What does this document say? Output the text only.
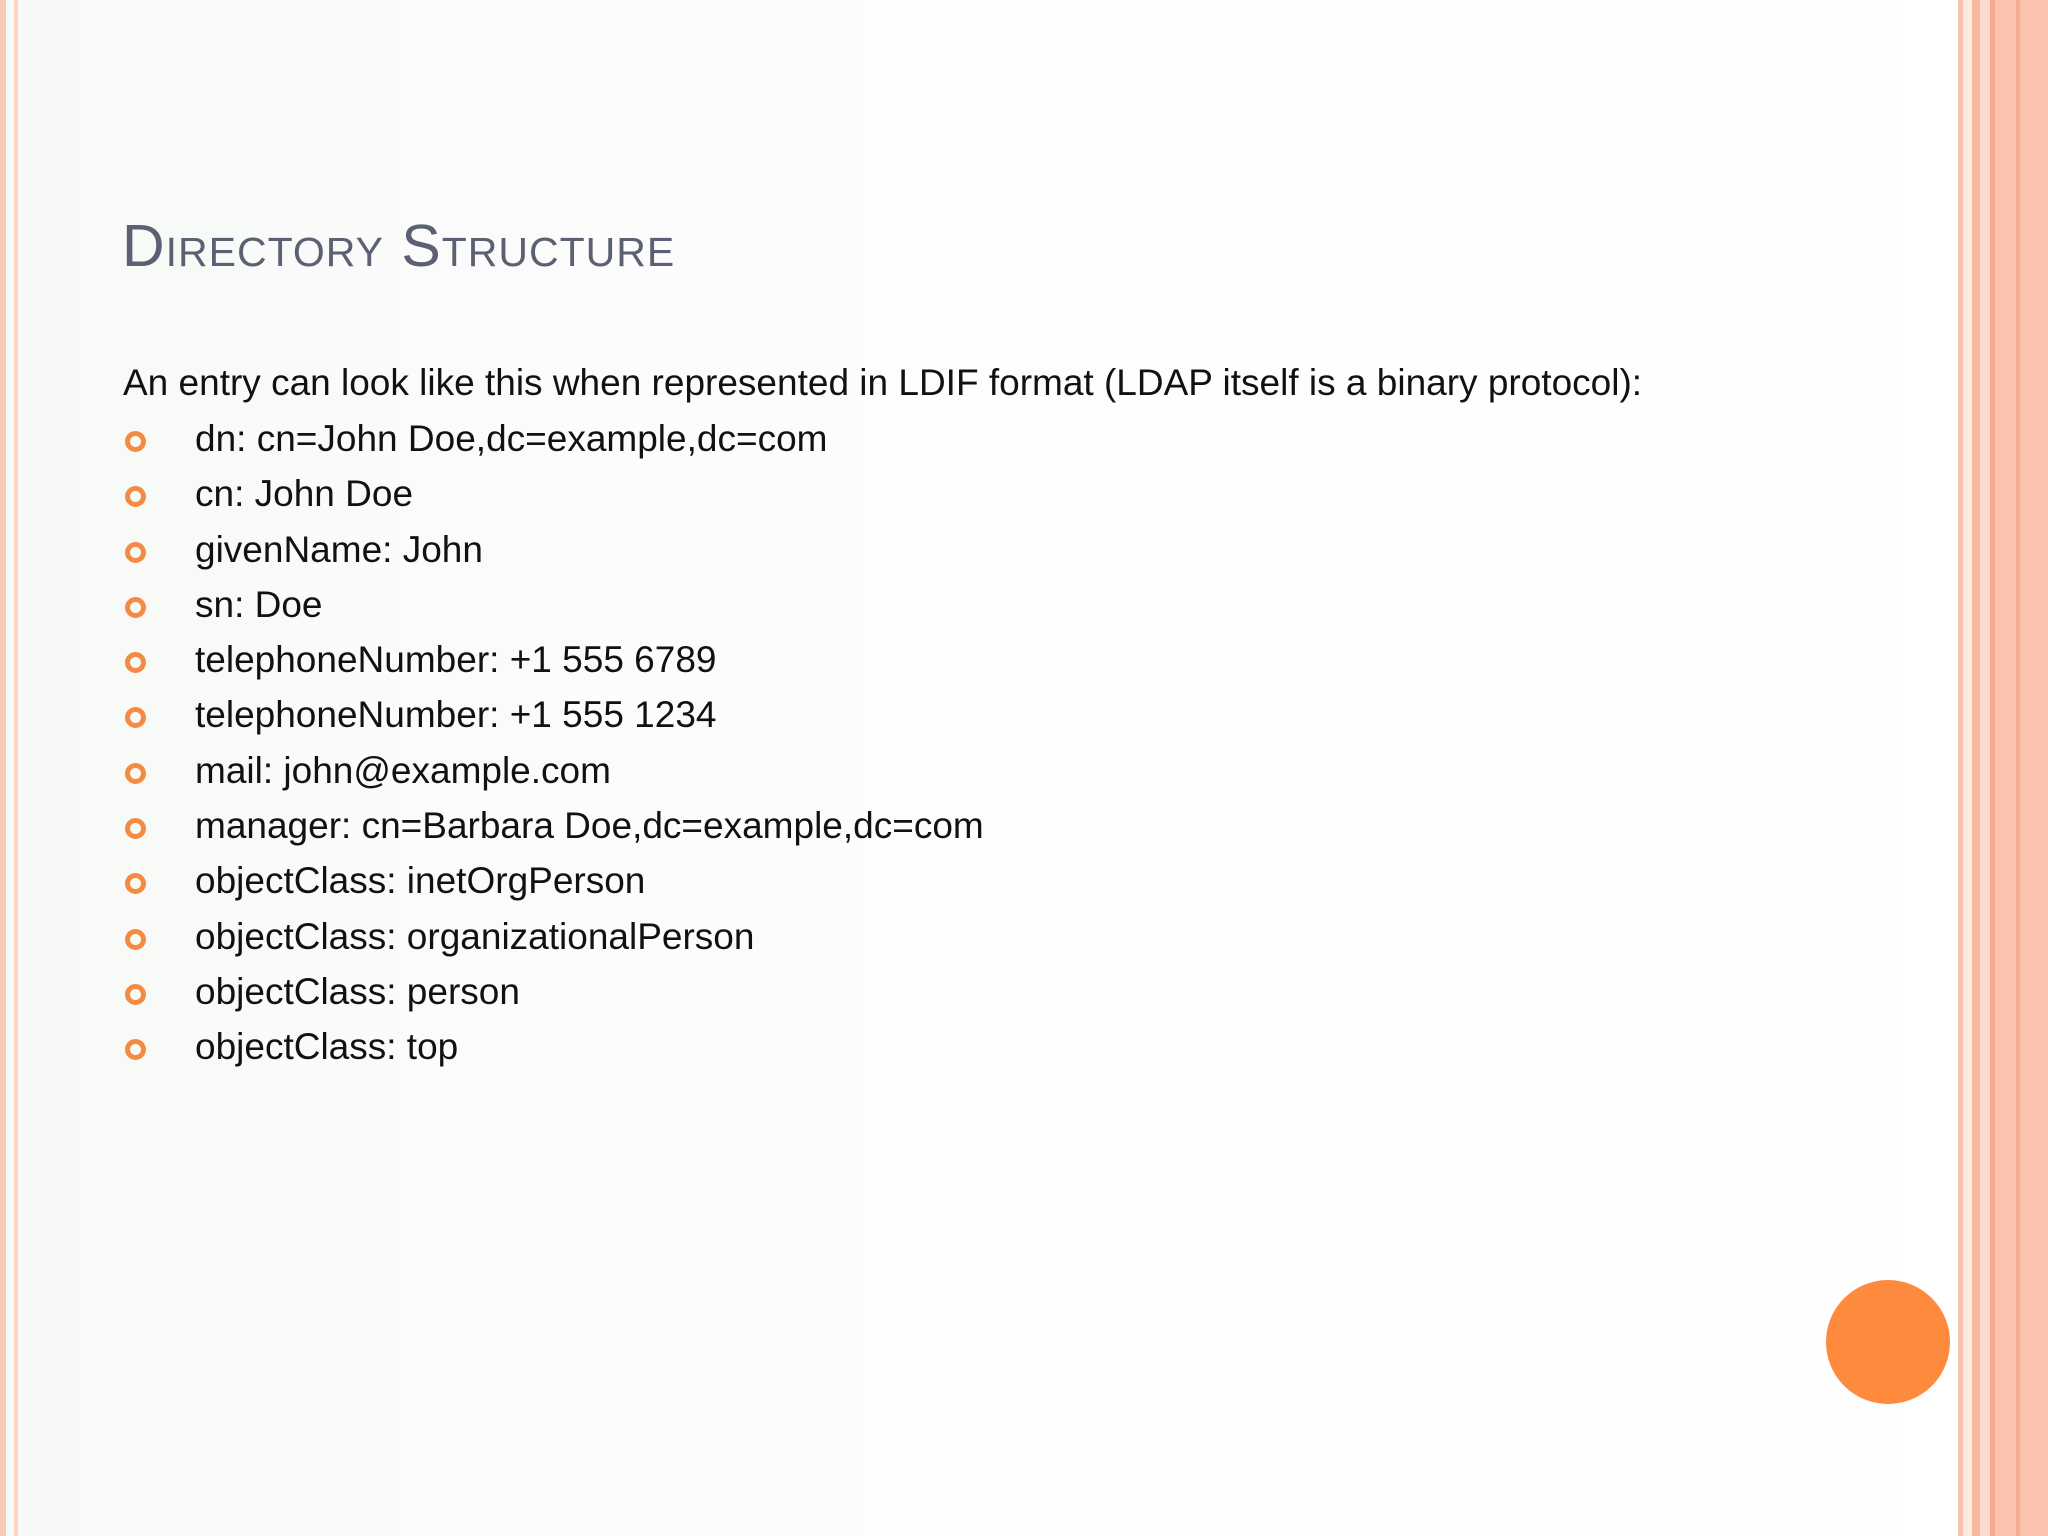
Directory Structure

An entry can look like this when represented in LDIF format (LDAP itself is a binary protocol):

dn: cn=John Doe,dc=example,dc=com
cn: John Doe
givenName: John
sn: Doe
telephoneNumber: +1 555 6789
telephoneNumber: +1 555 1234
mail: john@example.com
manager: cn=Barbara Doe,dc=example,dc=com
objectClass: inetOrgPerson
objectClass: organizationalPerson
objectClass: person
objectClass: top
